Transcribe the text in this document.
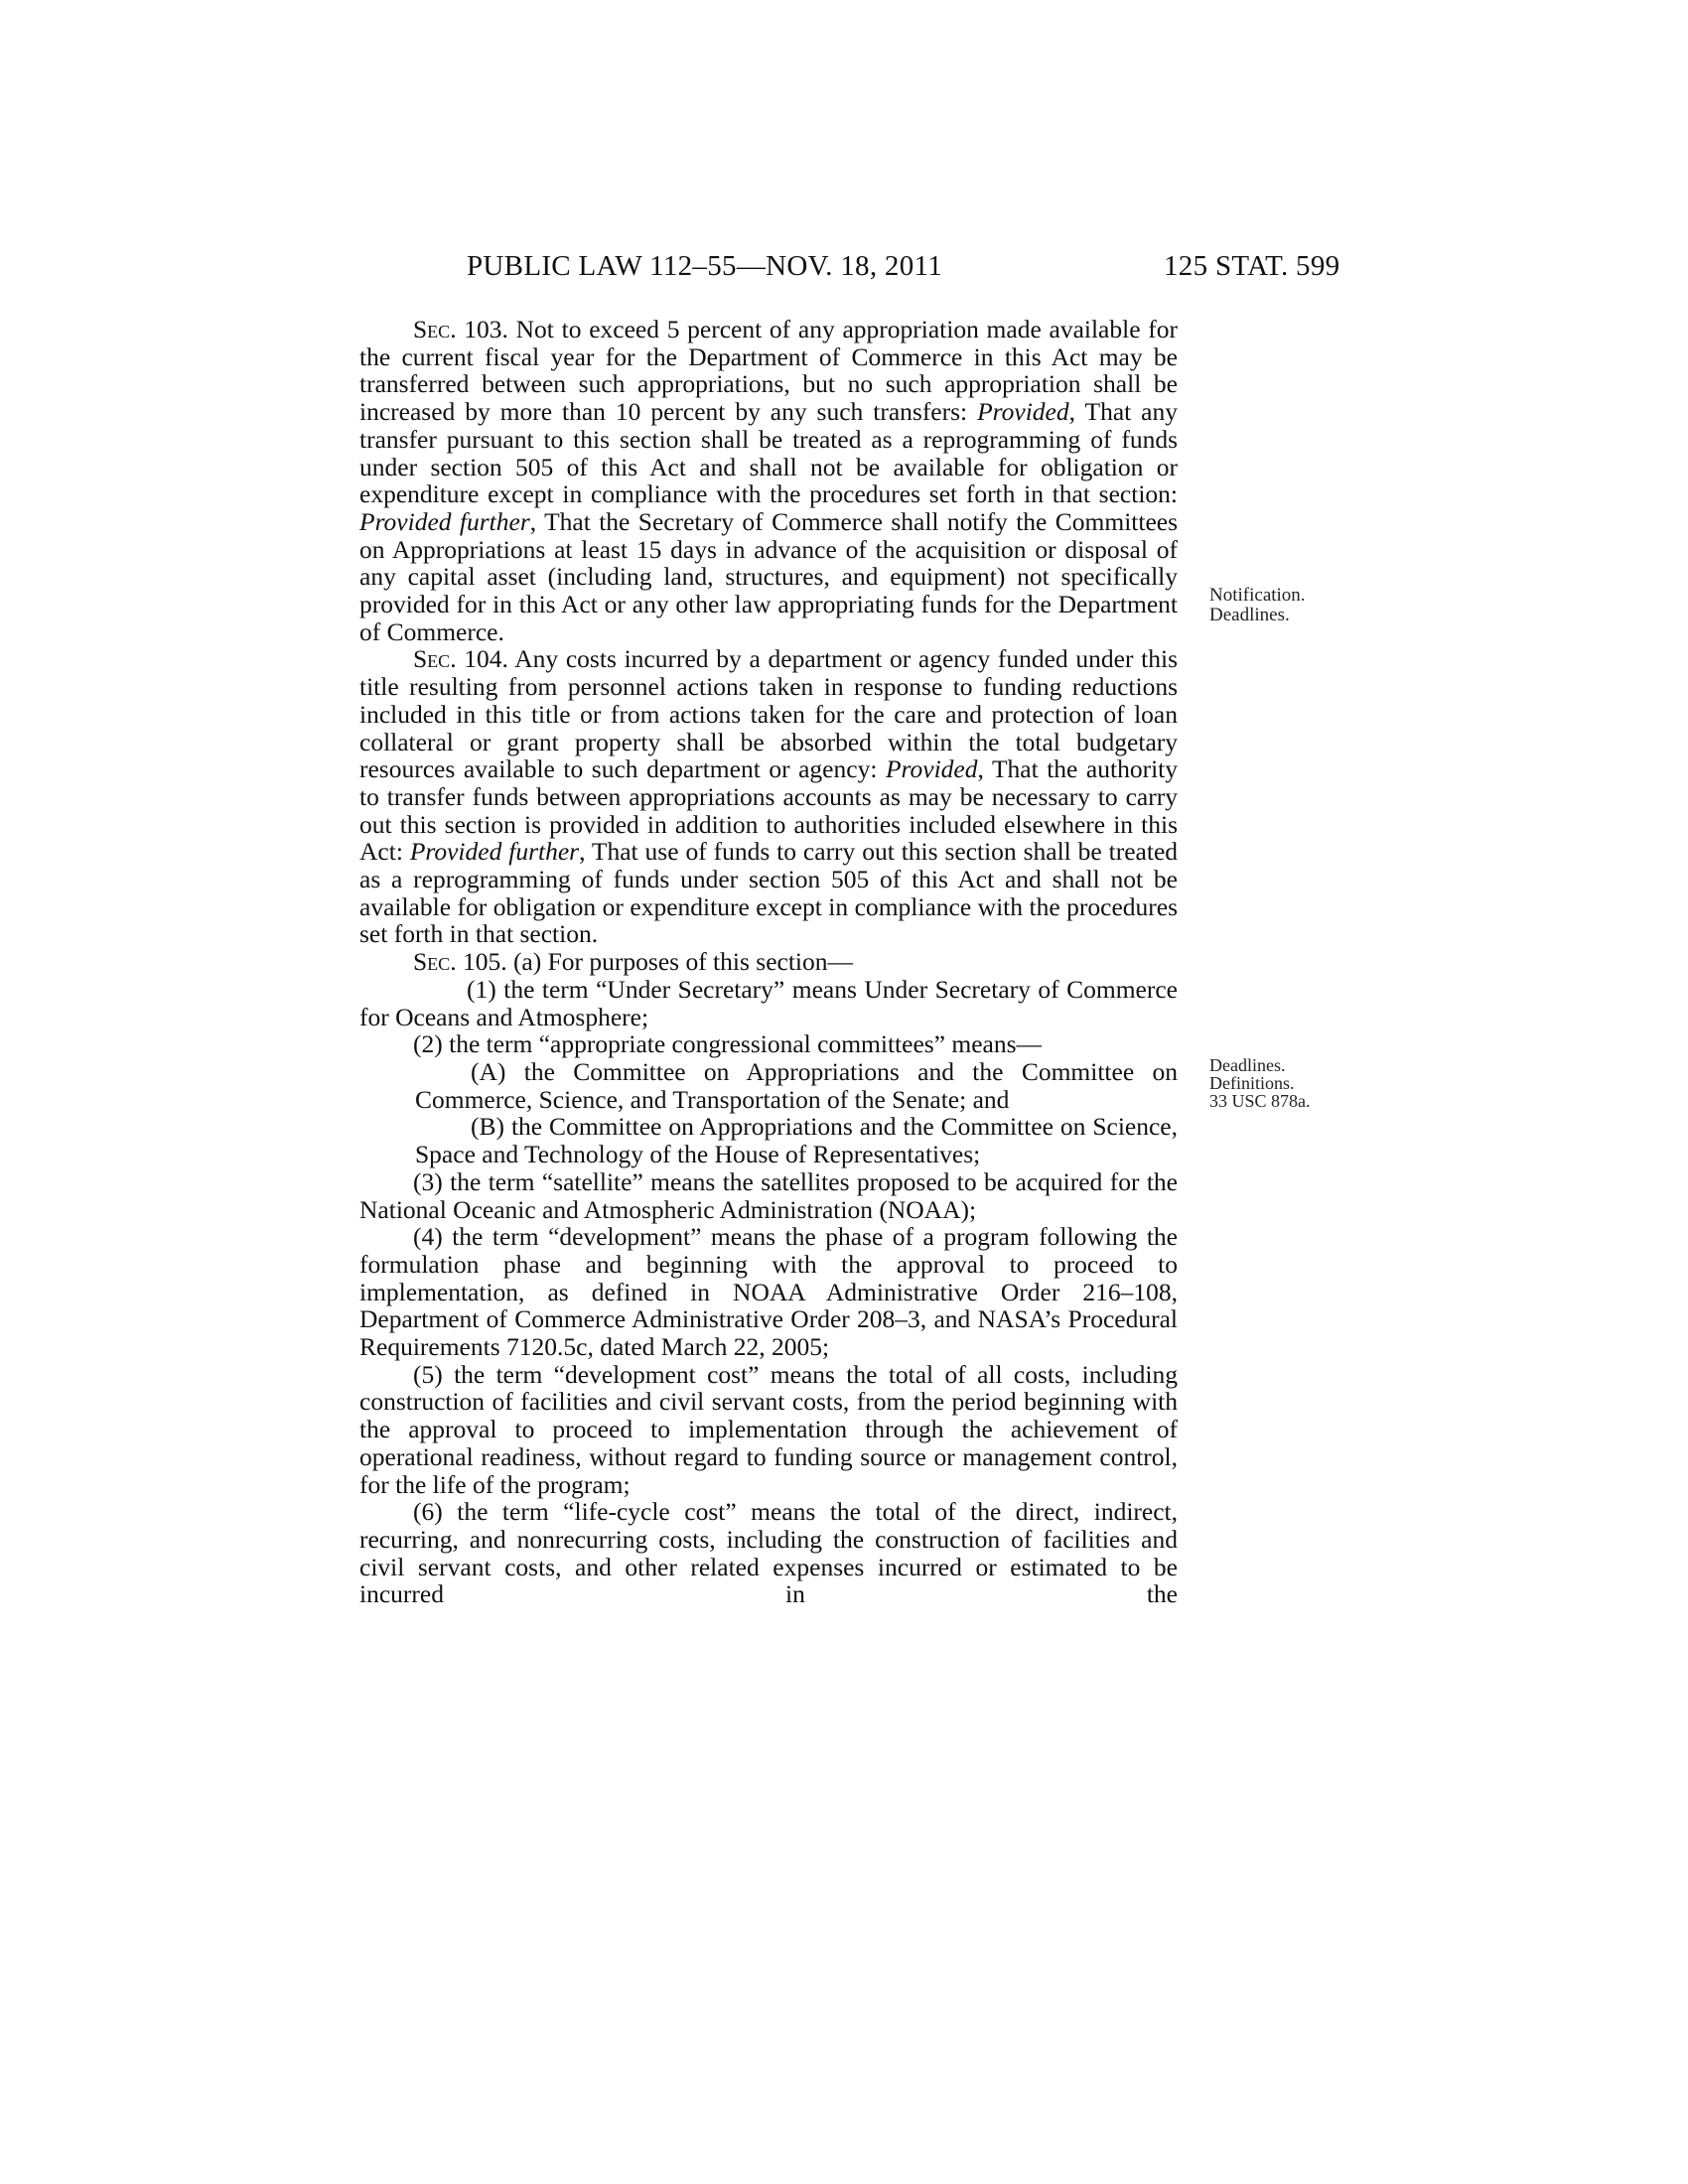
PUBLIC LAW 112–55—NOV. 18, 2011	125 STAT. 599

Sec. 103. Not to exceed 5 percent of any appropriation made available for the current fiscal year for the Department of Commerce in this Act may be transferred between such appropriations, but no such appropriation shall be increased by more than 10 percent by any such transfers: Provided, That any transfer pursuant to this section shall be treated as a reprogramming of funds under section 505 of this Act and shall not be available for obligation or expenditure except in compliance with the procedures set forth in that section: Provided further, That the Secretary of Commerce shall notify the Committees on Appropriations at least 15 days in advance of the acquisition or disposal of any capital asset (including land, structures, and equipment) not specifically provided for in this Act or any other law appropriating funds for the Department of Commerce.

Sec. 104. Any costs incurred by a department or agency funded under this title resulting from personnel actions taken in response to funding reductions included in this title or from actions taken for the care and protection of loan collateral or grant property shall be absorbed within the total budgetary resources available to such department or agency: Provided, That the authority to transfer funds between appropriations accounts as may be necessary to carry out this section is provided in addition to authorities included elsewhere in this Act: Provided further, That use of funds to carry out this section shall be treated as a reprogramming of funds under section 505 of this Act and shall not be available for obligation or expenditure except in compliance with the procedures set forth in that section.

Sec. 105. (a) For purposes of this section—

(1) the term “Under Secretary” means Under Secretary of Commerce for Oceans and Atmosphere;

(2) the term “appropriate congressional committees” means—

(A) the Committee on Appropriations and the Committee on Commerce, Science, and Transportation of the Senate; and

(B) the Committee on Appropriations and the Committee on Science, Space and Technology of the House of Representatives;

(3) the term “satellite” means the satellites proposed to be acquired for the National Oceanic and Atmospheric Administration (NOAA);

(4) the term “development” means the phase of a program following the formulation phase and beginning with the approval to proceed to implementation, as defined in NOAA Administrative Order 216–108, Department of Commerce Administrative Order 208–3, and NASA’s Procedural Requirements 7120.5c, dated March 22, 2005;

(5) the term “development cost” means the total of all costs, including construction of facilities and civil servant costs, from the period beginning with the approval to proceed to implementation through the achievement of operational readiness, without regard to funding source or management control, for the life of the program;

(6) the term “life-cycle cost” means the total of the direct, indirect, recurring, and nonrecurring costs, including the construction of facilities and civil servant costs, and other related expenses incurred or estimated to be incurred in the

Notification.
Deadlines.
Deadlines.
Definitions.
33 USC 878a.
